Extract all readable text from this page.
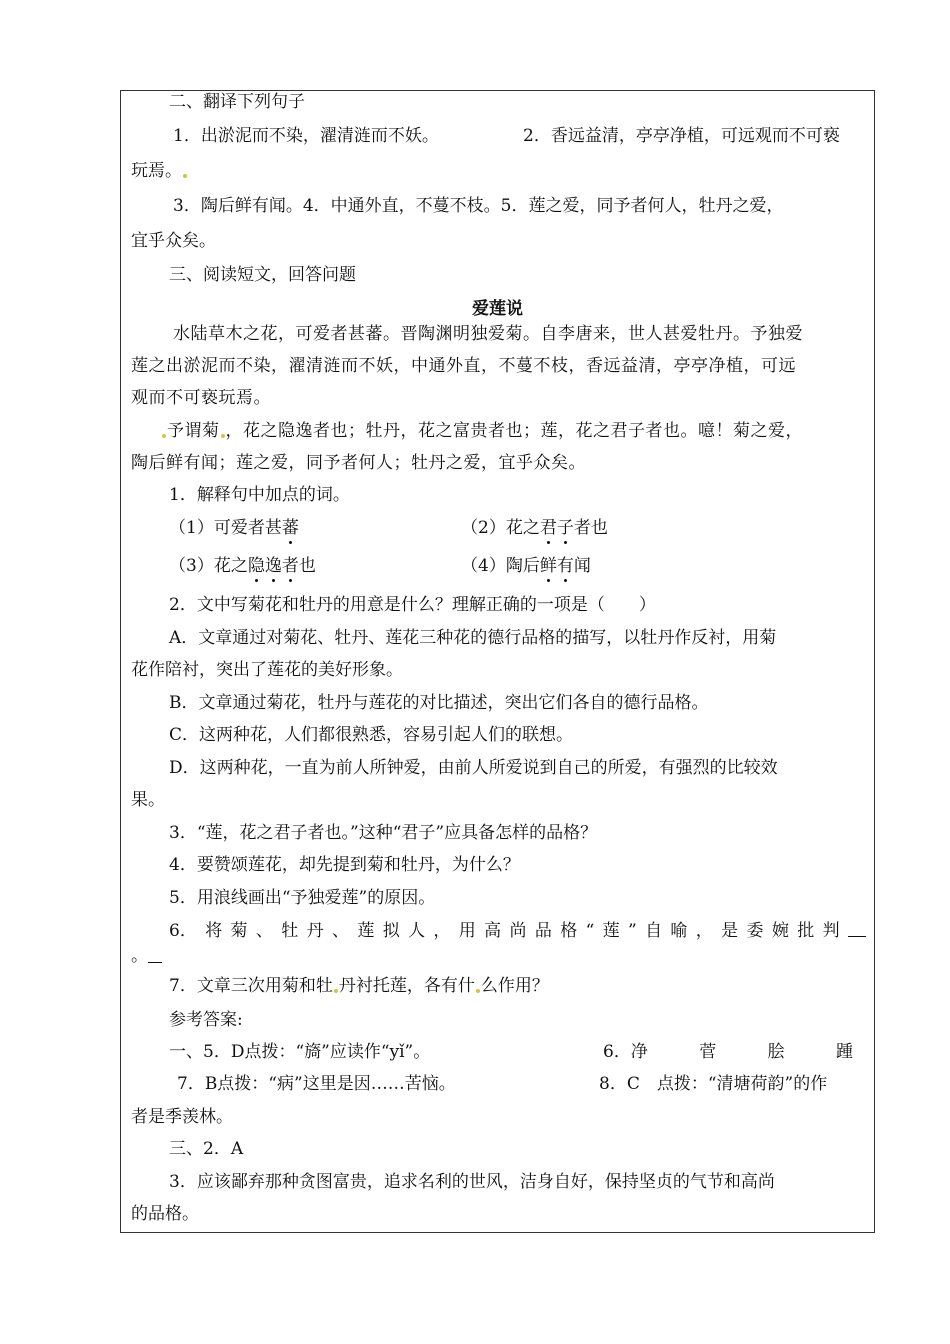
二、翻译下列句子
1．出淤泥而不染，濯清涟而不妖。	2．香远益清，亭亭净植，可远观而不可亵
玩焉。
3．陶后鲜有闻。4．中通外直，不蔓不枝。5．莲之爱，同予者何人，牡丹之爱，
宜乎众矣。
三、阅读短文，回答问题
爱莲说
水陆草木之花，可爱者甚蕃。晋陶渊明独爱菊。自李唐来，世人甚爱牡丹。予独爱
莲之出淤泥而不染，濯清涟而不妖，中通外直，不蔓不枝，香远益清，亭亭净植，可远
观而不可亵玩焉。
予谓菊 ，花之隐逸者也；牡丹，花之富贵者也；莲，花之君子者也。噫！菊之爱，
陶后鲜有闻；莲之爱，同予者何人；牡丹之爱，宜乎众矣。
1．解释句中加点的词。
（1）可爱者甚蕃	（2）花之君子者也
（3）花之隐逸者也	（4）陶后鲜有闻
2．文中写菊花和牡丹的用意是什么？理解正确的一项是（　　）
A．文章通过对菊花、牡丹、莲花三种花的德行品格的描写，以牡丹作反衬，用菊
花作陪衬，突出了莲花的美好形象。
B．文章通过菊花，牡丹与莲花的对比描述，突出它们各自的德行品格。
C．这两种花，人们都很熟悉，容易引起人们的联想。
D．这两种花，一直为前人所钟爱，由前人所爱说到自己的所爱，有强烈的比较效
果。
3．“莲，花之君子者也。”这种“君子”应具备怎样的品格？
4．要赞颂莲花，却先提到菊和牡丹，为什么？
5．用浪线画出“予独爱莲”的原因。
6． 将 菊 、 牡 丹 、 莲 拟 人 ， 用 高 尚 品 格 “ 莲 ” 自 喻 ， 是 委 婉 批 判
。
7．文章三次用菊和牡 丹衬托莲，各有什 么作用？
参考答案:
一、5．D点拨：“旖”应读作“yǐ”。	6．净	菅	脍	踵
7．B点拨：“病”这里是因……苦恼。	8．C　点拨：“清塘荷韵”的作
者是季羡林。
三、2．A
3．应该鄙弃那种贪图富贵，追求名利的世风，洁身自好，保持坚贞的气节和高尚
的品格。
